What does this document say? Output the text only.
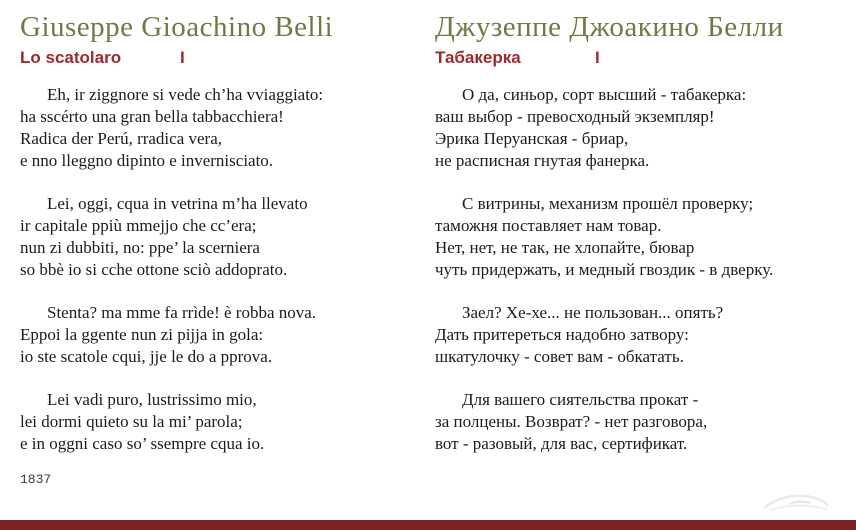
Giuseppe Gioachino Belli
Lo scatolaro	I

Eh, ir ziggnore si vede ch’ha vviaggiato:
ha sscérto una gran bella tabbacchiera!
Radica der Perú, rradica vera,
e nno lleggno dipinto e invernisciato.

Lei, oggi, cqua in vetrina m’ha llevato
ir capitale ppiù mmejjo che cc’era;
nun zi dubbiti, no: ppe’ la scerniera
so bbè io si cche ottone sciò addoprato.

Stenta? ma mme fa rrìde! è robba nova.
Eppoi la ggente nun zi pijja in gola:
io ste scatole cqui, jje le do a pprova.

Lei vadi puro, lustrissimo mio,
lei dormi quieto su la mi’ parola;
e in oggni caso so’ ssempre cqua io.

1837
Джузеппе Джоакино Белли
Табакерка	I

О да, синьор, сорт высший - табакерка:
ваш выбор - превосходный экземпляр!
Эрика Перуанская - бриар,
не расписная гнутая фанерка.

С витрины, механизм прошёл проверку;
таможня поставляет нам товар.
Нет, нет, не так, не хлопайте, бювар
чуть придержать, и медный гвоздик - в дверку.

Заел? Хе-хе... не пользован... опять?
Дать притереться надобно затвору:
шкатулочку - совет вам - обкатать.

Для вашего сиятельства прокат -
за полцены. Возврат? - нет разговора,
вот - разовый, для вас, сертификат.
